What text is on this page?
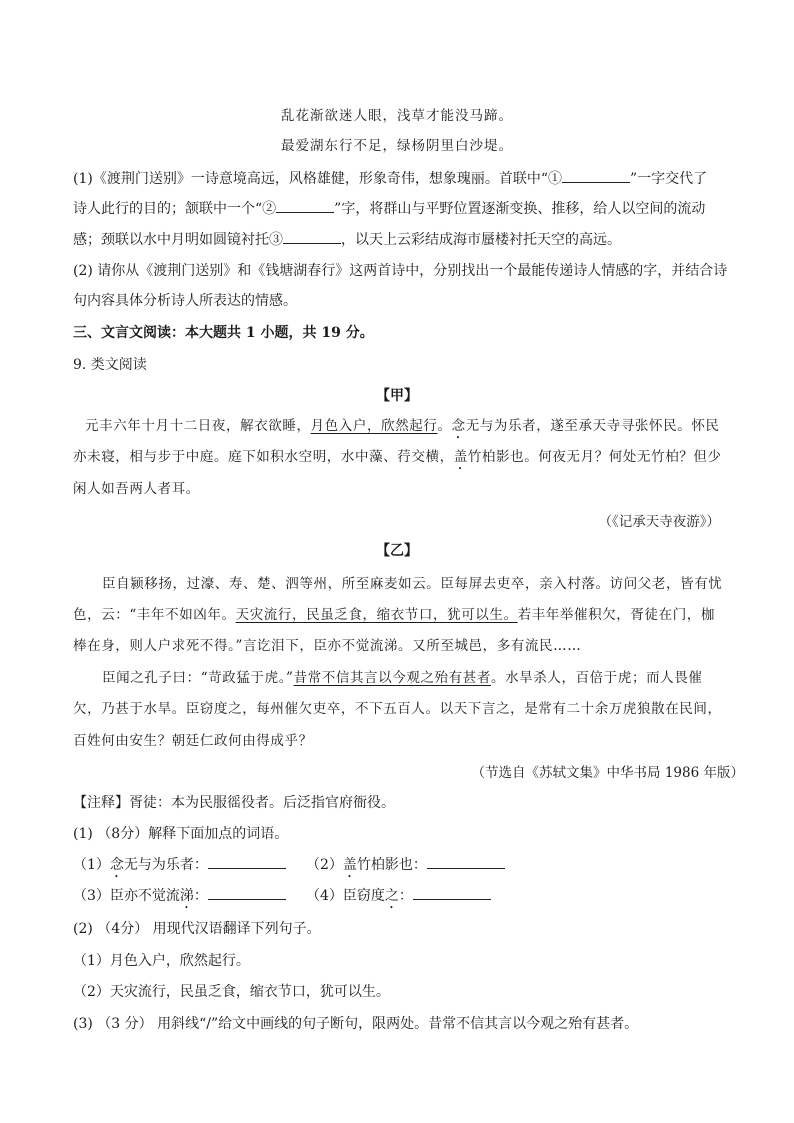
乱花渐欲迷人眼，浅草才能没马蹄。
最爱湖东行不足，绿杨阴里白沙堤。
(1)《渡荆门送别》一诗意境高远，风格雄健，形象奇伟，想象瑰丽。首联中“①	”一字交代了
诗人此行的目的；颔联中一个“②	”字，将群山与平野位置逐渐变换、推移，给人以空间的流动
感；颈联以水中月明如圆镜衬托③	，以天上云彩结成海市蜃楼衬托天空的高远。
(2) 请你从《渡荆门送别》和《钱塘湖春行》这两首诗中，分别找出一个最能传递诗人情感的字，并结合诗
句内容具体分析诗人所表达的情感。
三、文言文阅读：本大题共 1 小题，共 19 分。
9. 类文阅读
【甲】
元丰六年十月十二日夜，解衣欲睡，月色入户，欣然起行。念无与为乐者，遂至承天寺寻张怀民。怀民
亦未寝，相与步于中庭。庭下如积水空明，水中藻、荇交横，盖竹柏影也。何夜无月？何处无竹柏？但少
闲人如吾两人者耳。
（《记承天寺夜游》）
【乙】
臣自颍移扬，过濠、寿、楚、泗等州，所至麻麦如云。臣每屏去吏卒，亲入村落。访问父老，皆有忧
色，云：“丰年不如凶年。天灾流行，民虽乏食，缩衣节口，犹可以生。若丰年举催积欠，胥徒在门，枷
棒在身，则人户求死不得。”言讫泪下，臣亦不觉流涕。又所至城邑，多有流民……
臣闻之孔子曰：“苛政猛于虎。”昔常不信其言以今观之殆有甚者。水旱杀人，百倍于虎；而人畏催
欠，乃甚于水旱。臣窃度之，每州催欠吏卒，不下五百人。以天下言之，是常有二十余万虎狼散在民间，
百姓何由安生？朝廷仁政何由得成乎？
（节选自《苏轼文集》中华书局 1986 年版）
【注释】胥徒：本为民服徭役者。后泛指官府衙役。
(1) （8分）解释下面加点的词语。
（1）念无与为乐者：	（2）盖竹柏影也：
（3）臣亦不觉流涕：	（4）臣窃度之：
(2) （4分） 用现代汉语翻译下列句子。
（1）月色入户，欣然起行。
（2）天灾流行，民虽乏食，缩衣节口，犹可以生。
(3) （3 分） 用斜线“/”给文中画线的句子断句，限两处。昔常不信其言以今观之殆有甚者。
